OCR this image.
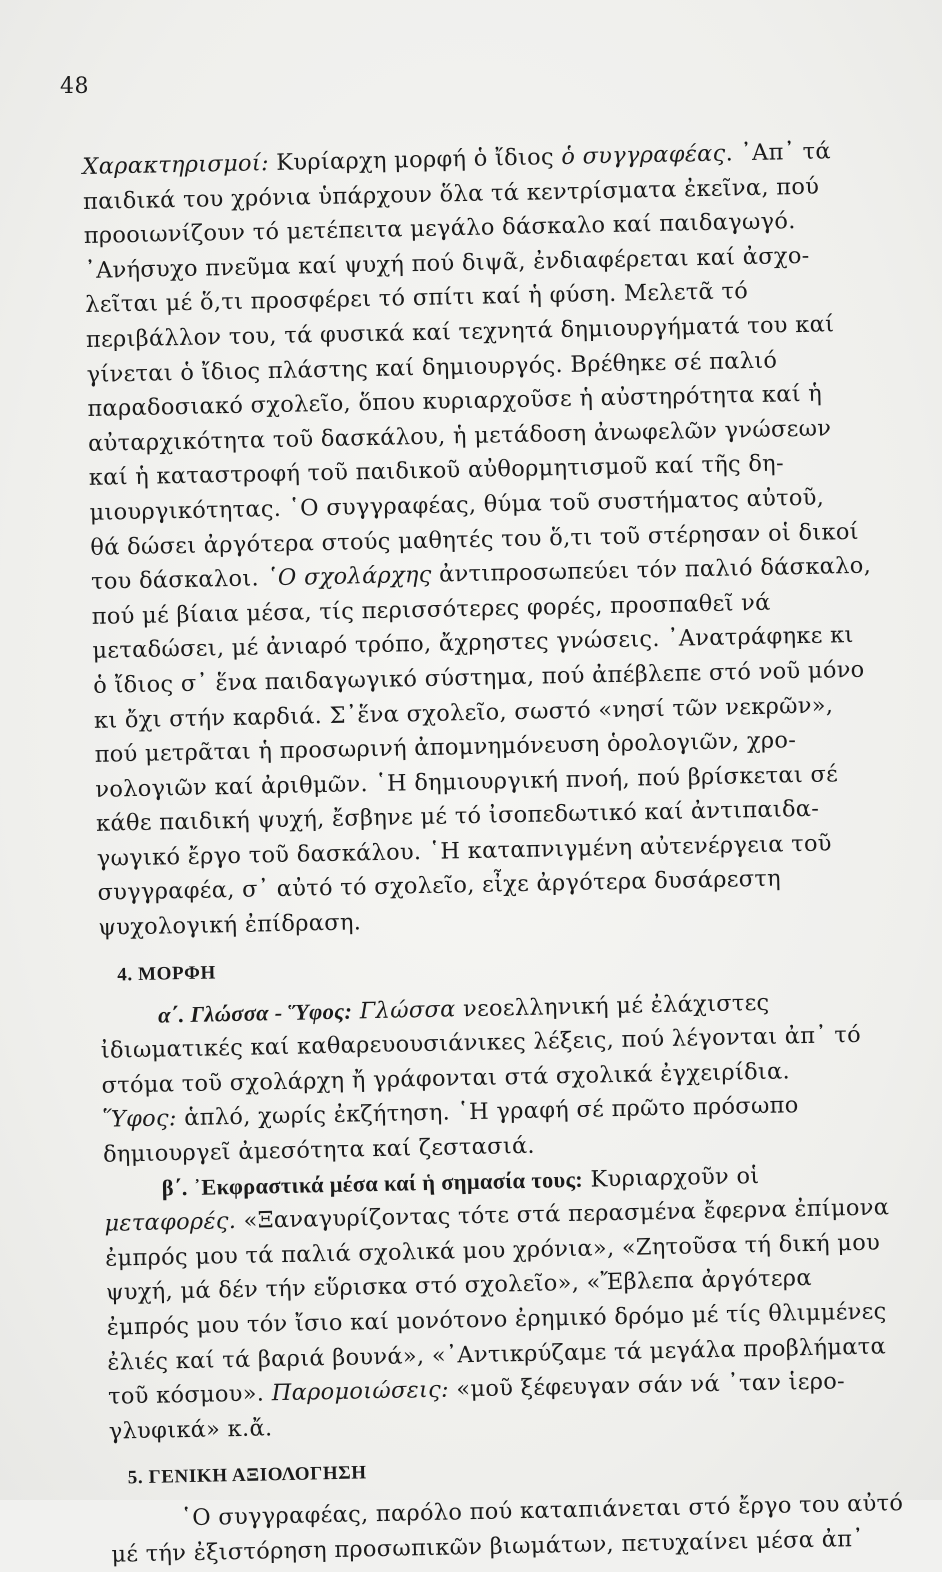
48
Χαρακτηρισμοί: Κυρίαρχη μορφή ὁ ἴδιος ὁ συγγραφέας. ᾿Απ᾿ τά
παιδικά του χρόνια ὑπάρχουν ὅλα τά κεντρίσματα ἐκεῖνα, πού
προοιωνίζουν τό μετέπειτα μεγάλο δάσκαλο καί παιδαγωγό.
᾿Ανήσυχο πνεῦμα καί ψυχή πού διψᾶ, ἐνδιαφέρεται καί ἀσχο-
λεῖται μέ ὅ,τι προσφέρει τό σπίτι καί ἡ φύση. Μελετᾶ τό
περιβάλλον του, τά φυσικά καί τεχνητά δημιουργήματά του καί
γίνεται ὁ ἴδιος πλάστης καί δημιουργός. Βρέθηκε σέ παλιό
παραδοσιακό σχολεῖο, ὅπου κυριαρχοῦσε ἡ αὐστηρότητα καί ἡ
αὐταρχικότητα τοῦ δασκάλου, ἡ μετάδοση ἀνωφελῶν γνώσεων
καί ἡ καταστροφή τοῦ παιδικοῦ αὐθορμητισμοῦ καί τῆς δη-
μιουργικότητας. ῾Ο συγγραφέας, θύμα τοῦ συστήματος αὐτοῦ,
θά δώσει ἀργότερα στούς μαθητές του ὅ,τι τοῦ στέρησαν οἱ δικοί
του δάσκαλοι. ῾Ο σχολάρχης ἀντιπροσωπεύει τόν παλιό δάσκαλο,
πού μέ βίαια μέσα, τίς περισσότερες φορές, προσπαθεῖ νά
μεταδώσει, μέ ἀνιαρό τρόπο, ἄχρηστες γνώσεις. ᾿Ανατράφηκε κι
ὁ ἴδιος σ᾿ ἕνα παιδαγωγικό σύστημα, πού ἀπέβλεπε στό νοῦ μόνο
κι ὄχι στήν καρδιά. Σ᾿ἕνα σχολεῖο, σωστό «νησί τῶν νεκρῶν»,
πού μετρᾶται ἡ προσωρινή ἀπομνημόνευση ὁρολογιῶν, χρο-
νολογιῶν καί ἀριθμῶν. ῾Η δημιουργική πνοή, πού βρίσκεται σέ
κάθε παιδική ψυχή, ἔσβηνε μέ τό ἰσοπεδωτικό καί ἀντιπαιδα-
γωγικό ἔργο τοῦ δασκάλου. ῾Η καταπνιγμένη αὐτενέργεια τοῦ
συγγραφέα, σ᾿ αὐτό τό σχολεῖο, εἶχε ἀργότερα δυσάρεστη
ψυχολογική ἐπίδραση.
4. ΜΟΡΦΗ
α΄. Γλώσσα - Ὕφος: Γλώσσα νεοελληνική μέ ἐλάχιστες
ἰδιωματικές καί καθαρευουσιάνικες λέξεις, πού λέγονται ἀπ᾿ τό
στόμα τοῦ σχολάρχη ἤ γράφονται στά σχολικά ἐγχειρίδια.
Ὕφος: ἁπλό, χωρίς ἐκζήτηση. ῾Η γραφή σέ πρῶτο πρόσωπο
δημιουργεῖ ἀμεσότητα καί ζεστασιά.
β΄. ᾿Εκφραστικά μέσα καί ἡ σημασία τους: Κυριαρχοῦν οἱ
μεταφορές. «Ξαναγυρίζοντας τότε στά περασμένα ἔφερνα ἐπίμονα
ἐμπρός μου τά παλιά σχολικά μου χρόνια», «Ζητοῦσα τή δική μου
ψυχή, μά δέν τήν εὕρισκα στό σχολεῖο», «Ἔβλεπα ἀργότερα
ἐμπρός μου τόν ἴσιο καί μονότονο ἐρημικό δρόμο μέ τίς θλιμμένες
ἐλιές καί τά βαριά βουνά», «᾿Αντικρύζαμε τά μεγάλα προβλήματα
τοῦ κόσμου». Παρομοιώσεις: «μοῦ ξέφευγαν σάν νά ᾿ταν ἱερο-
γλυφικά» κ.ἄ.
5. ΓΕΝΙΚΗ ΑΞΙΟΛΟΓΗΣΗ
῾Ο συγγραφέας, παρόλο πού καταπιάνεται στό ἔργο του αὐτό
μέ τήν ἐξιστόρηση προσωπικῶν βιωμάτων, πετυχαίνει μέσα ἀπ᾿
